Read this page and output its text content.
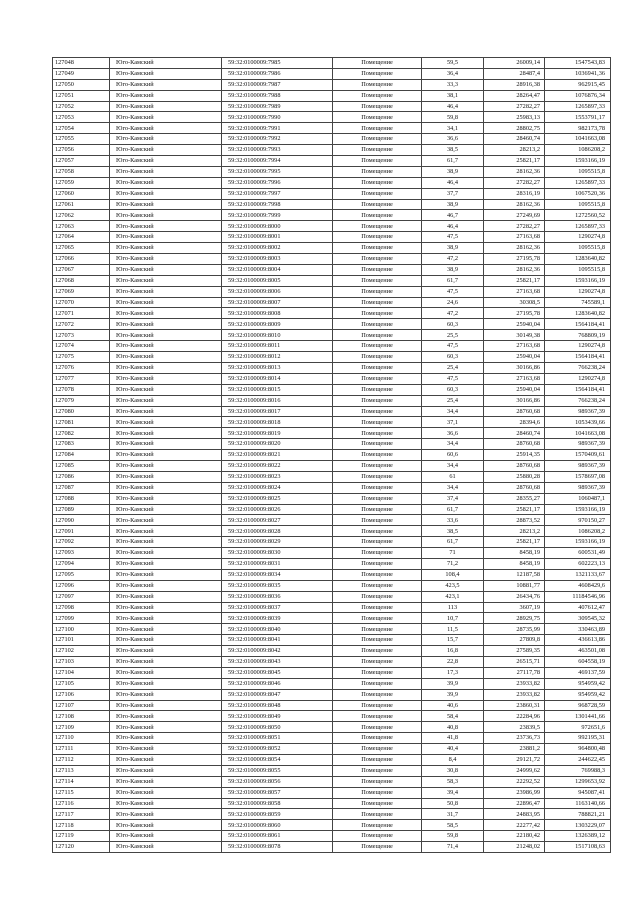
127048	Юго-Камский	59:32:0100009:7985	Помещение	59,5	26009,14	1547543,83
127049	Юго-Камский	59:32:0100009:7986	Помещение	36,4	28487,4	1036941,36
127050	Юго-Камский	59:32:0100009:7987	Помещение	33,3	28916,38	962915,45
127051	Юго-Камский	59:32:0100009:7988	Помещение	38,1	28264,47	1076876,34
127052	Юго-Камский	59:32:0100009:7989	Помещение	46,4	27282,27	1265897,33
127053	Юго-Камский	59:32:0100009:7990	Помещение	59,8	25983,13	1553791,17
127054	Юго-Камский	59:32:0100009:7991	Помещение	34,1	28802,75	982173,78
127055	Юго-Камский	59:32:0100009:7992	Помещение	36,6	28460,74	1041663,08
127056	Юго-Камский	59:32:0100009:7993	Помещение	38,5	28213,2	1086208,2
127057	Юго-Камский	59:32:0100009:7994	Помещение	61,7	25821,17	1593166,19
127058	Юго-Камский	59:32:0100009:7995	Помещение	38,9	28162,36	1095515,8
127059	Юго-Камский	59:32:0100009:7996	Помещение	46,4	27282,27	1265897,33
127060	Юго-Камский	59:32:0100009:7997	Помещение	37,7	28316,19	1067520,36
127061	Юго-Камский	59:32:0100009:7998	Помещение	38,9	28162,36	1095515,8
127062	Юго-Камский	59:32:0100009:7999	Помещение	46,7	27249,69	1272560,52
127063	Юго-Камский	59:32:0100009:8000	Помещение	46,4	27282,27	1265897,33
127064	Юго-Камский	59:32:0100009:8001	Помещение	47,5	27163,68	1290274,8
127065	Юго-Камский	59:32:0100009:8002	Помещение	38,9	28162,36	1095515,8
127066	Юго-Камский	59:32:0100009:8003	Помещение	47,2	27195,78	1283640,82
127067	Юго-Камский	59:32:0100009:8004	Помещение	38,9	28162,36	1095515,8
127068	Юго-Камский	59:32:0100009:8005	Помещение	61,7	25821,17	1593166,19
127069	Юго-Камский	59:32:0100009:8006	Помещение	47,5	27163,68	1290274,8
127070	Юго-Камский	59:32:0100009:8007	Помещение	24,6	30308,5	745589,1
127071	Юго-Камский	59:32:0100009:8008	Помещение	47,2	27195,78	1283640,82
127072	Юго-Камский	59:32:0100009:8009	Помещение	60,3	25940,04	1564184,41
127073	Юго-Камский	59:32:0100009:8010	Помещение	25,5	30149,38	768809,19
127074	Юго-Камский	59:32:0100009:8011	Помещение	47,5	27163,68	1290274,8
127075	Юго-Камский	59:32:0100009:8012	Помещение	60,3	25940,04	1564184,41
127076	Юго-Камский	59:32:0100009:8013	Помещение	25,4	30166,86	766238,24
127077	Юго-Камский	59:32:0100009:8014	Помещение	47,5	27163,68	1290274,8
127078	Юго-Камский	59:32:0100009:8015	Помещение	60,3	25940,04	1564184,41
127079	Юго-Камский	59:32:0100009:8016	Помещение	25,4	30166,86	766238,24
127080	Юго-Камский	59:32:0100009:8017	Помещение	34,4	28760,68	989367,39
127081	Юго-Камский	59:32:0100009:8018	Помещение	37,1	28394,6	1053439,66
127082	Юго-Камский	59:32:0100009:8019	Помещение	36,6	28460,74	1041663,08
127083	Юго-Камский	59:32:0100009:8020	Помещение	34,4	28760,68	989367,39
127084	Юго-Камский	59:32:0100009:8021	Помещение	60,6	25914,35	1570409,61
127085	Юго-Камский	59:32:0100009:8022	Помещение	34,4	28760,68	989367,39
127086	Юго-Камский	59:32:0100009:8023	Помещение	61	25880,28	1578697,08
127087	Юго-Камский	59:32:0100009:8024	Помещение	34,4	28760,68	989367,39
127088	Юго-Камский	59:32:0100009:8025	Помещение	37,4	28355,27	1060487,1
127089	Юго-Камский	59:32:0100009:8026	Помещение	61,7	25821,17	1593166,19
127090	Юго-Камский	59:32:0100009:8027	Помещение	33,6	28873,52	970150,27
127091	Юго-Камский	59:32:0100009:8028	Помещение	38,5	28213,2	1086208,2
127092	Юго-Камский	59:32:0100009:8029	Помещение	61,7	25821,17	1593166,19
127093	Юго-Камский	59:32:0100009:8030	Помещение	71	8458,19	600531,49
127094	Юго-Камский	59:32:0100009:8031	Помещение	71,2	8458,19	602223,13
127095	Юго-Камский	59:32:0100009:8034	Помещение	108,4	12187,58	1321133,67
127096	Юго-Камский	59:32:0100009:8035	Помещение	423,5	10881,77	4608429,6
127097	Юго-Камский	59:32:0100009:8036	Помещение	423,1	26434,76	11184546,96
127098	Юго-Камский	59:32:0100009:8037	Помещение	113	3607,19	407612,47
127099	Юго-Камский	59:32:0100009:8039	Помещение	10,7	28929,75	309545,32
127100	Юго-Камский	59:32:0100009:8040	Помещение	11,5	28735,99	330463,89
127101	Юго-Камский	59:32:0100009:8041	Помещение	15,7	27809,8	436613,86
127102	Юго-Камский	59:32:0100009:8042	Помещение	16,8	27589,35	463501,08
127103	Юго-Камский	59:32:0100009:8043	Помещение	22,8	26515,71	604558,19
127104	Юго-Камский	59:32:0100009:8045	Помещение	17,3	27117,78	469137,59
127105	Юго-Камский	59:32:0100009:8046	Помещение	39,9	23933,82	954959,42
127106	Юго-Камский	59:32:0100009:8047	Помещение	39,9	23933,82	954959,42
127107	Юго-Камский	59:32:0100009:8048	Помещение	40,6	23860,31	968728,59
127108	Юго-Камский	59:32:0100009:8049	Помещение	58,4	22284,96	1301441,66
127109	Юго-Камский	59:32:0100009:8050	Помещение	40,8	23839,5	972651,6
127110	Юго-Камский	59:32:0100009:8051	Помещение	41,8	23736,73	992195,31
127111	Юго-Камский	59:32:0100009:8052	Помещение	40,4	23881,2	964800,48
127112	Юго-Камский	59:32:0100009:8054	Помещение	8,4	29121,72	244622,45
127113	Юго-Камский	59:32:0100009:8055	Помещение	30,8	24999,62	769988,3
127114	Юго-Камский	59:32:0100009:8056	Помещение	58,3	22292,52	1299653,92
127115	Юго-Камский	59:32:0100009:8057	Помещение	39,4	23986,99	945087,41
127116	Юго-Камский	59:32:0100009:8058	Помещение	50,8	22896,47	1163140,66
127117	Юго-Камский	59:32:0100009:8059	Помещение	31,7	24883,95	788821,21
127118	Юго-Камский	59:32:0100009:8060	Помещение	58,5	22277,42	1303229,07
127119	Юго-Камский	59:32:0100009:8061	Помещение	59,8	22180,42	1326389,12
127120	Юго-Камский	59:32:0100009:8078	Помещение	71,4	21248,02	1517108,63
